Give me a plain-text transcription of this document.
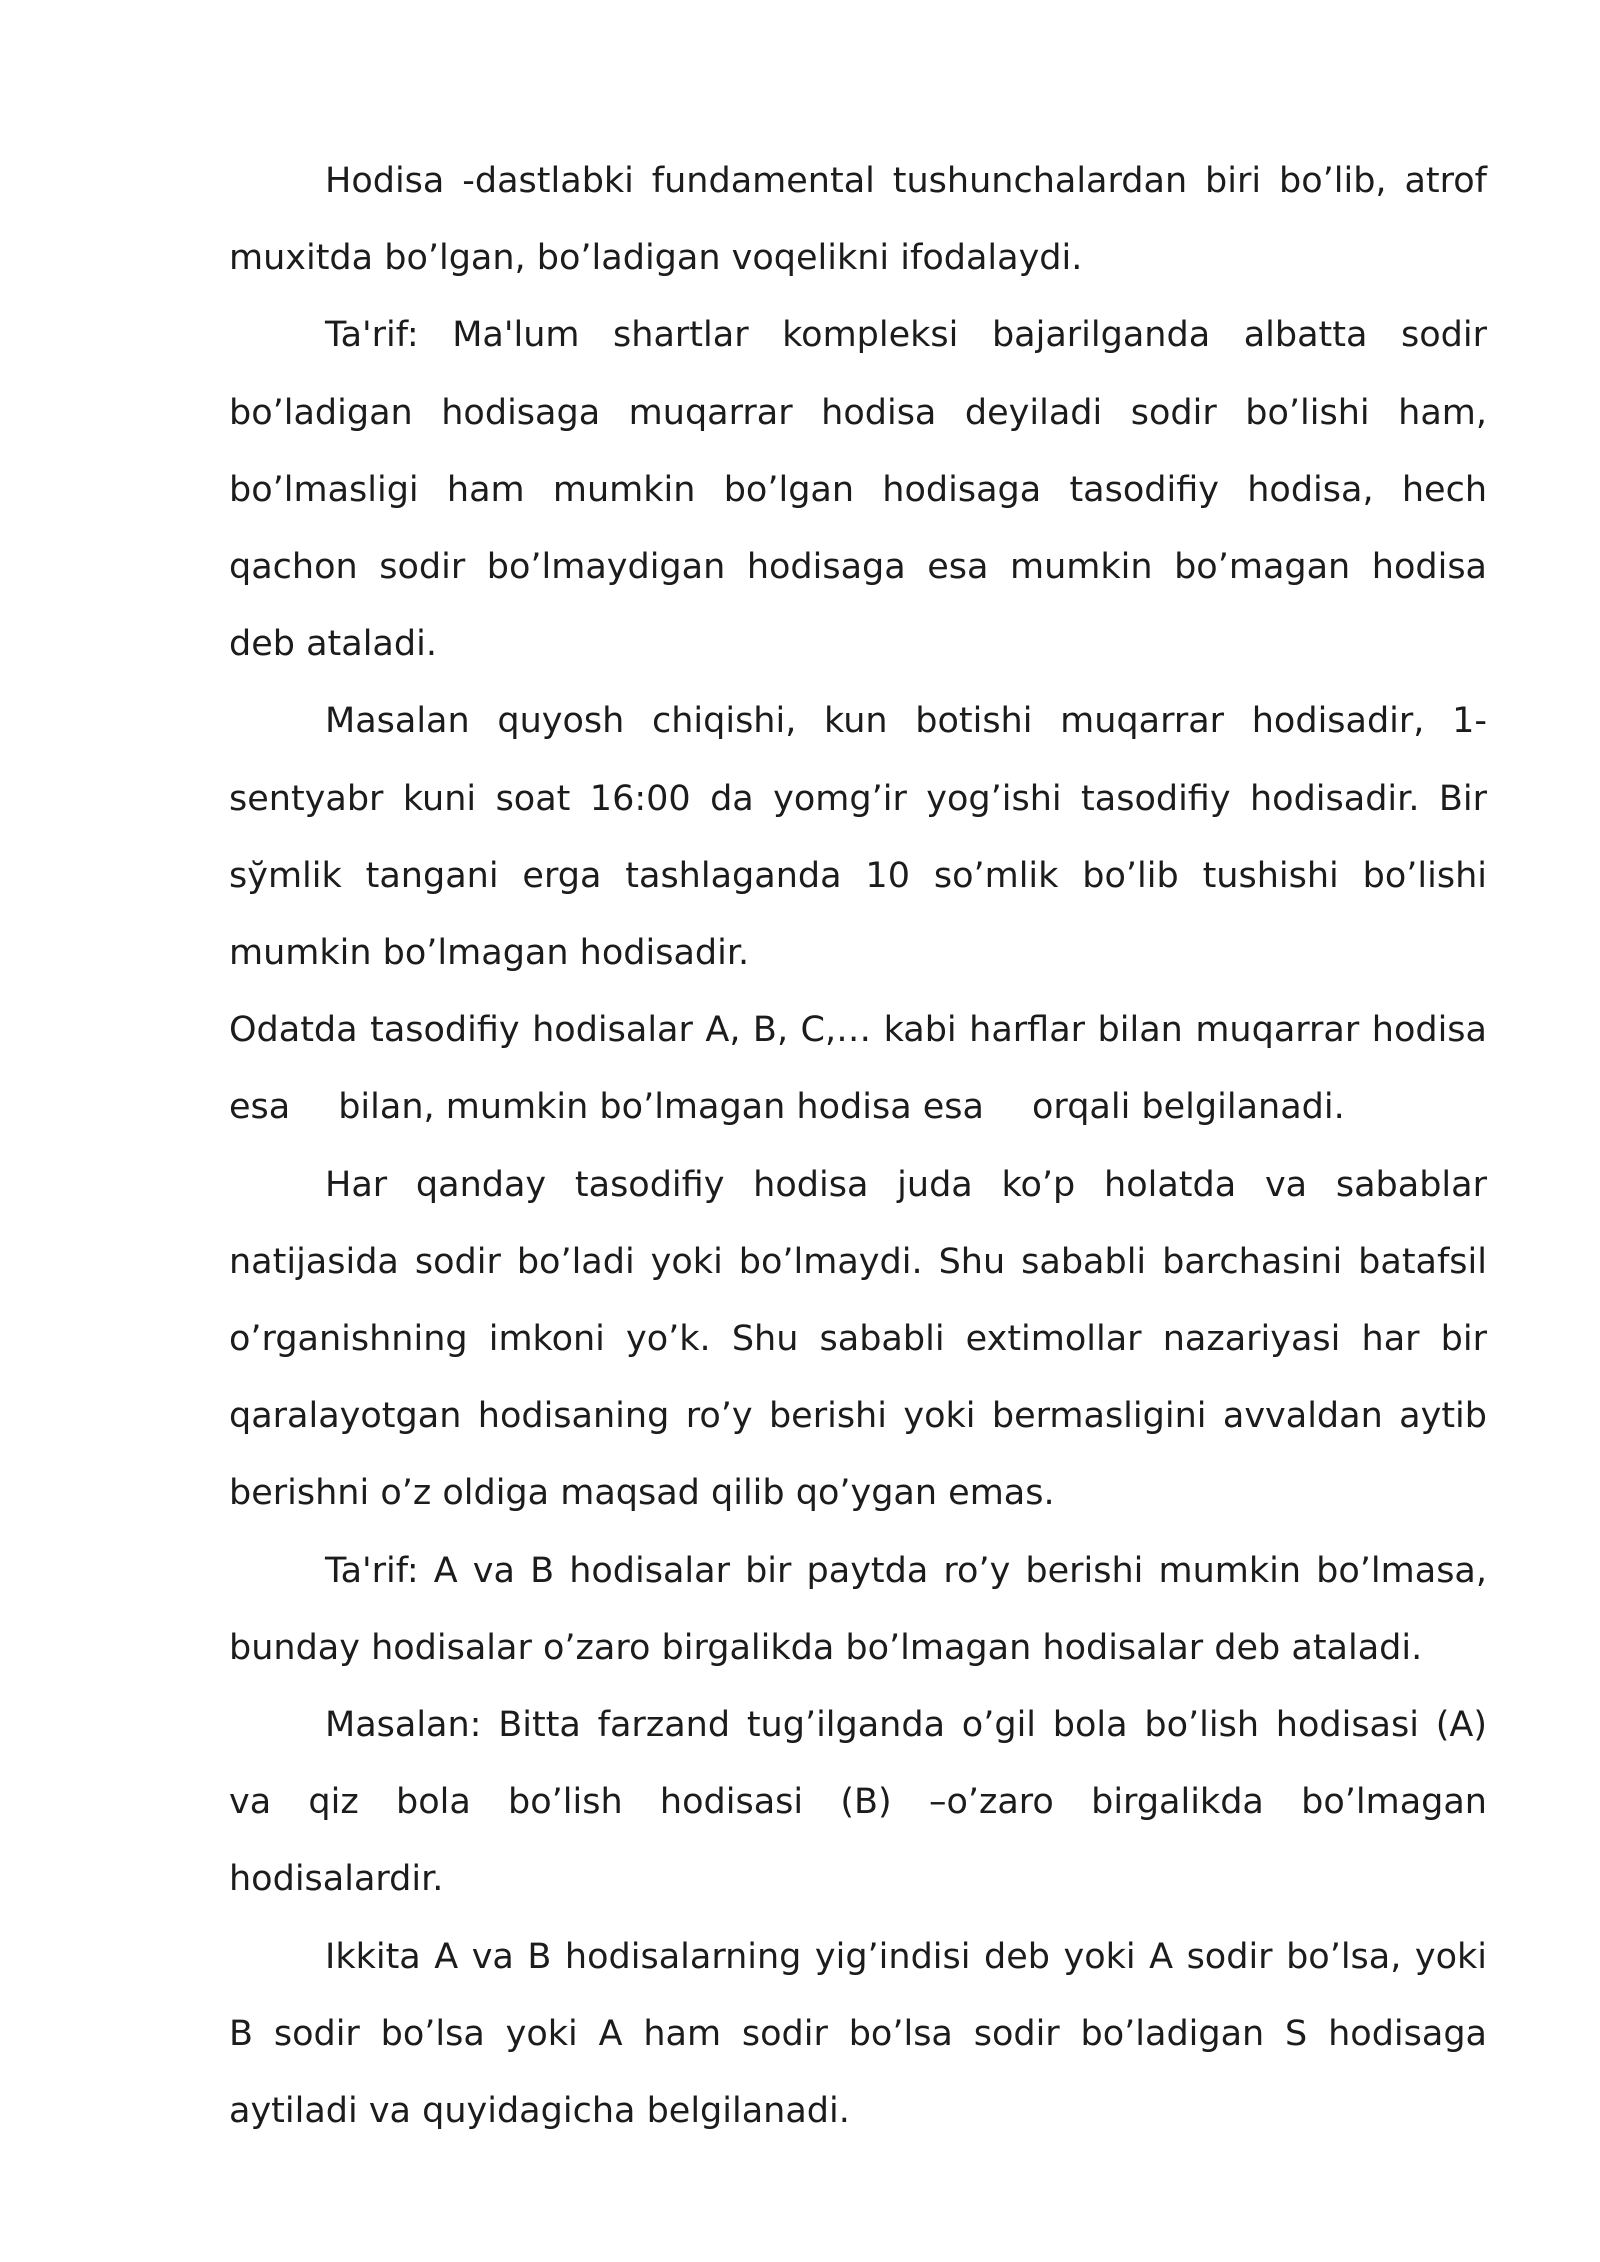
Hodisa -dastlabki fundamental tushunchalardan biri bo’lib, atrof muxitda bo’lgan, bo’ladigan voqelikni ifodalaydi.

Ta'rif: Ma'lum shartlar kompleksi bajarilganda albatta sodir boʼladigan hodisaga muqarrar hodisa deyiladi sodir boʼlishi ham, boʼlmasligi ham mumkin boʼlgan hodisaga tasodifiy hodisa, hech qachon sodir boʼlmaydigan hodisaga esa mumkin boʼmagan hodisa deb ataladi.

Masalan quyosh chiqishi, kun botishi muqarrar hodisadir, 1-sentyabr kuni soat 16:00 da yomg’ir yog’ishi tasodifiy hodisadir. Bir sўmlik tangani erga tashlaganda 10 soʼmlik boʼlib tushishi boʼlishi mumkin boʼlmagan hodisadir.

Odatda tasodifiy hodisalar A, B, C,… kabi harflar bilan muqarrar hodisa esa bilan, mumkin bo’lmagan hodisa esa orqali belgilanadi.

Har qanday tasodifiy hodisa juda ko’p holatda va sabablar natijasida sodir bo’ladi yoki bo’lmaydi. Shu sababli barchasini batafsil o’rganishning imkoni yo’k. Shu sababli extimollar nazariyasi har bir qaralayotgan hodisaning ro’y berishi yoki bermasligini avvaldan aytib berishni o’z oldiga maqsad qilib qo’ygan emas.

Ta'rif: A va B hodisalar bir paytda ro’y berishi mumkin bo’lmasa, bunday hodisalar o’zaro birgalikda bo’lmagan hodisalar deb ataladi.

Masalan: Bitta farzand tug’ilganda o’gil bola bo’lish hodisasi (A) va qiz bola bo’lish hodisasi (B) –o’zaro birgalikda bo’lmagan hodisalardir.

Ikkita A va B hodisalarning yig’indisi deb yoki A sodir bo’lsa, yoki B sodir bo’lsa yoki A ham sodir bo’lsa sodir bo’ladigan S hodisaga aytiladi va quyidagicha belgilanadi.
